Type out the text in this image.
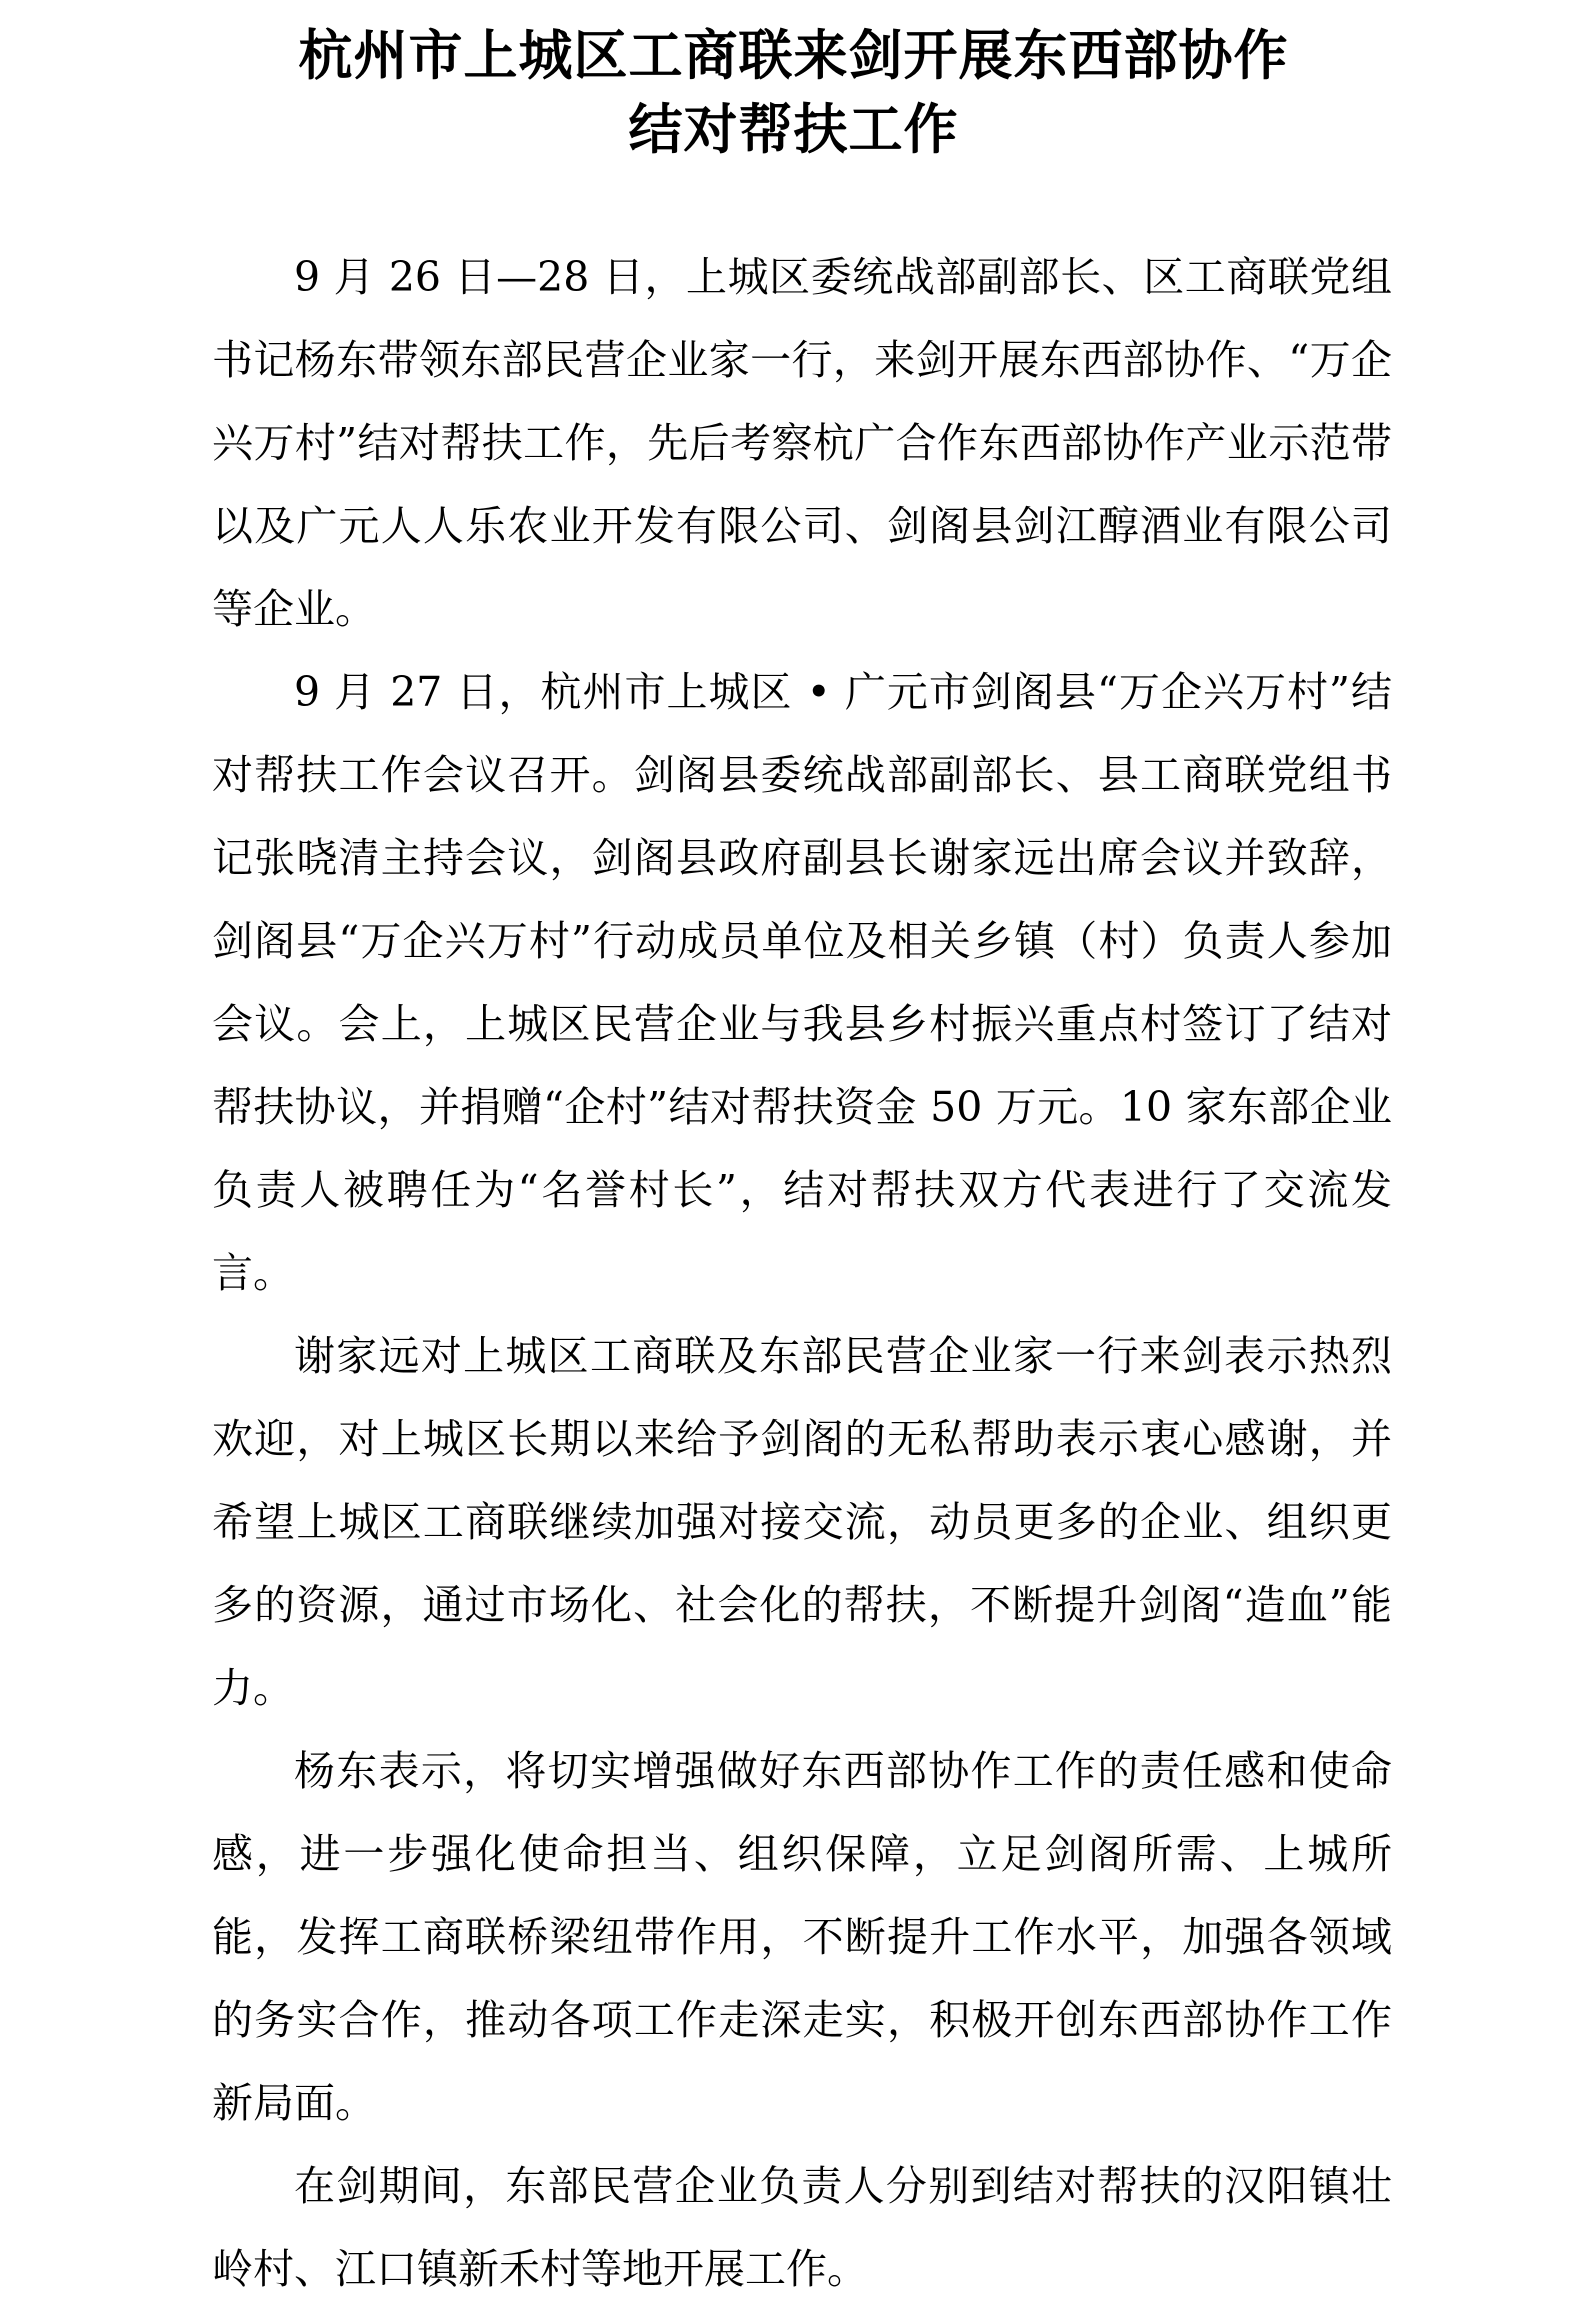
杭州市上城区工商联来剑开展东西部协作
结对帮扶工作

9 月 26 日—28 日，上城区委统战部副部长、区工商联党组书记杨东带领东部民营企业家一行，来剑开展东西部协作、“万企兴万村”结对帮扶工作，先后考察杭广合作东西部协作产业示范带以及广元人人乐农业开发有限公司、剑阁县剑江醇酒业有限公司等企业。

9 月 27 日，杭州市上城区 • 广元市剑阁县“万企兴万村”结对帮扶工作会议召开。剑阁县委统战部副部长、县工商联党组书记张晓清主持会议，剑阁县政府副县长谢家远出席会议并致辞，剑阁县“万企兴万村”行动成员单位及相关乡镇（村）负责人参加会议。会上，上城区民营企业与我县乡村振兴重点村签订了结对帮扶协议，并捐赠“企村”结对帮扶资金 50 万元。10 家东部企业负责人被聘任为“名誉村长”，结对帮扶双方代表进行了交流发言。

谢家远对上城区工商联及东部民营企业家一行来剑表示热烈欢迎，对上城区长期以来给予剑阁的无私帮助表示衷心感谢，并希望上城区工商联继续加强对接交流，动员更多的企业、组织更多的资源，通过市场化、社会化的帮扶，不断提升剑阁“造血”能力。

杨东表示，将切实增强做好东西部协作工作的责任感和使命感，进一步强化使命担当、组织保障，立足剑阁所需、上城所能，发挥工商联桥梁纽带作用，不断提升工作水平，加强各领域的务实合作，推动各项工作走深走实，积极开创东西部协作工作新局面。

在剑期间，东部民营企业负责人分别到结对帮扶的汉阳镇壮岭村、江口镇新禾村等地开展工作。
